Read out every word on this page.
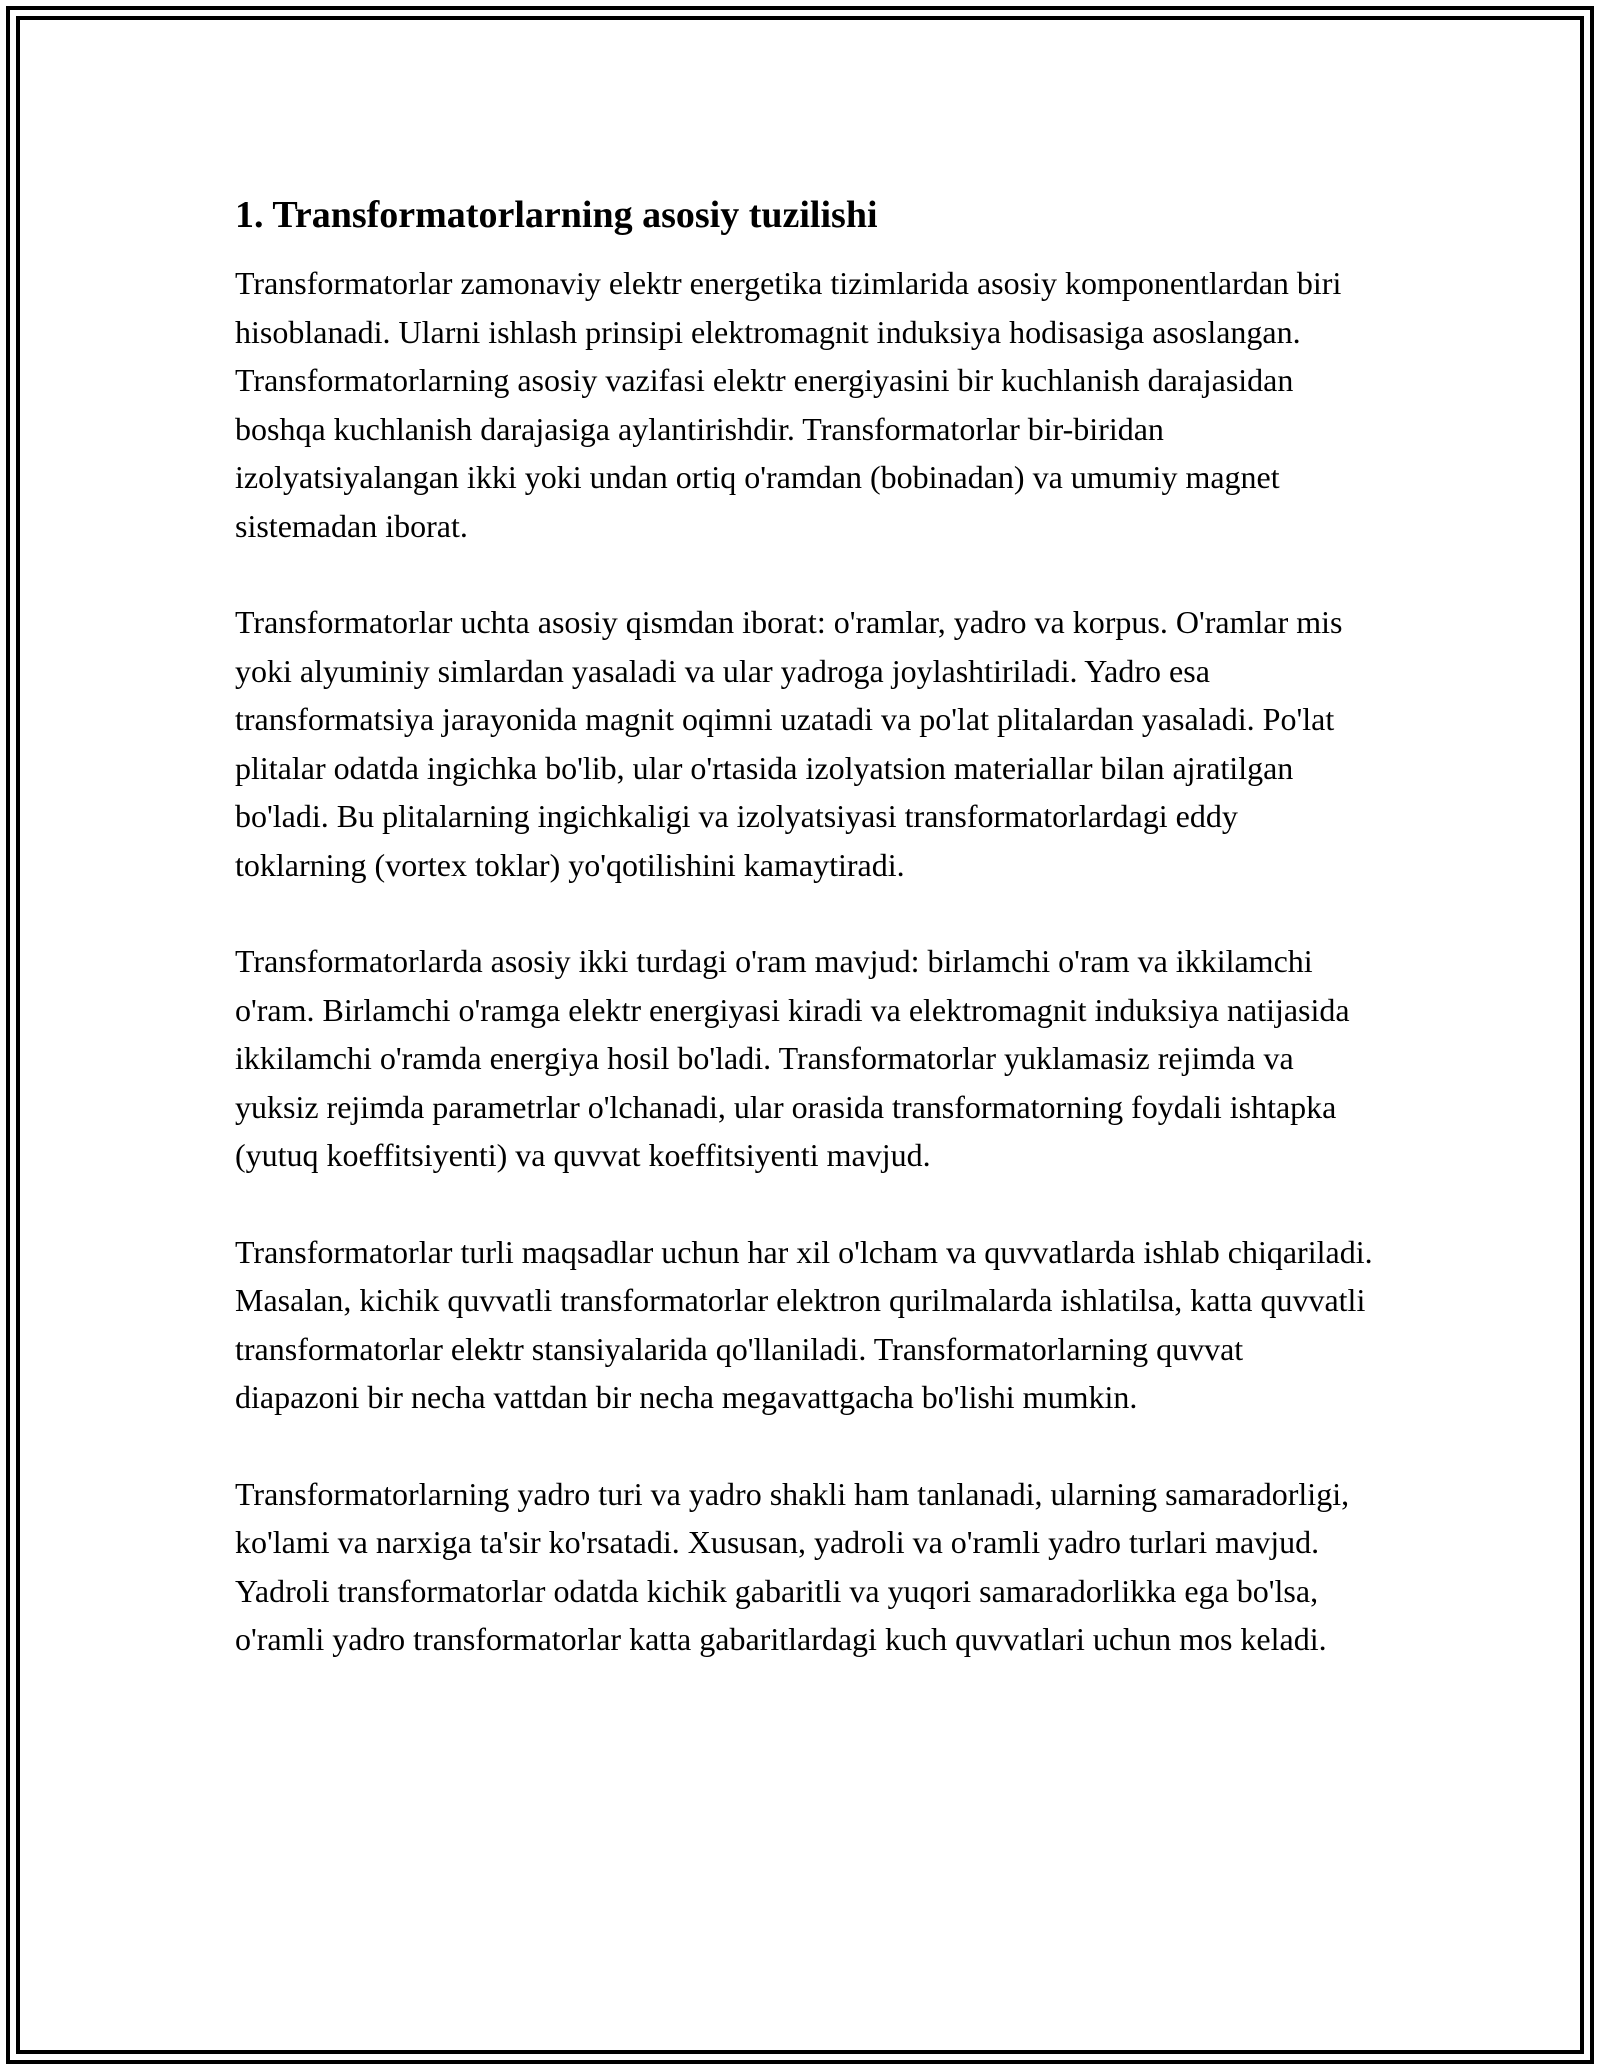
1. Transformatorlarning asosiy tuzilishi

Transformatorlar zamonaviy elektr energetika tizimlarida asosiy komponentlardan biri hisoblanadi. Ularni ishlash prinsipi elektromagnit induksiya hodisasiga asoslangan. Transformatorlarning asosiy vazifasi elektr energiyasini bir kuchlanish darajasidan boshqa kuchlanish darajasiga aylantirishdir. Transformatorlar bir-biridan izolyatsiyalangan ikki yoki undan ortiq o'ramdan (bobinadan) va umumiy magnet sistemadan iborat.

Transformatorlar uchta asosiy qismdan iborat: o'ramlar, yadro va korpus. O'ramlar mis yoki alyuminiy simlardan yasaladi va ular yadroga joylashtiriladi. Yadro esa transformatsiya jarayonida magnit oqimni uzatadi va po'lat plitalardan yasaladi. Po'lat plitalar odatda ingichka bo'lib, ular o'rtasida izolyatsion materiallar bilan ajratilgan bo'ladi. Bu plitalarning ingichkaligi va izolyatsiyasi transformatorlardagi eddy toklarning (vortex toklar) yo'qotilishini kamaytiradi.

Transformatorlarda asosiy ikki turdagi o'ram mavjud: birlamchi o'ram va ikkilamchi o'ram. Birlamchi o'ramga elektr energiyasi kiradi va elektromagnit induksiya natijasida ikkilamchi o'ramda energiya hosil bo'ladi. Transformatorlar yuklamasiz rejimda va yuksiz rejimda parametrlar o'lchanadi, ular orasida transformatorning foydali ishtapka (yutuq koeffitsiyenti) va quvvat koeffitsiyenti mavjud.

Transformatorlar turli maqsadlar uchun har xil o'lcham va quvvatlarda ishlab chiqariladi. Masalan, kichik quvvatli transformatorlar elektron qurilmalarda ishlatilsa, katta quvvatli transformatorlar elektr stansiyalarida qo'llaniladi. Transformatorlarning quvvat diapazoni bir necha vattdan bir necha megavattgacha bo'lishi mumkin.

Transformatorlarning yadro turi va yadro shakli ham tanlanadi, ularning samaradorligi, ko'lami va narxiga ta'sir ko'rsatadi. Xususan, yadroli va o'ramli yadro turlari mavjud. Yadroli transformatorlar odatda kichik gabaritli va yuqori samaradorlikka ega bo'lsa, o'ramli yadro transformatorlar katta gabaritlardagi kuch quvvatlari uchun mos keladi.
